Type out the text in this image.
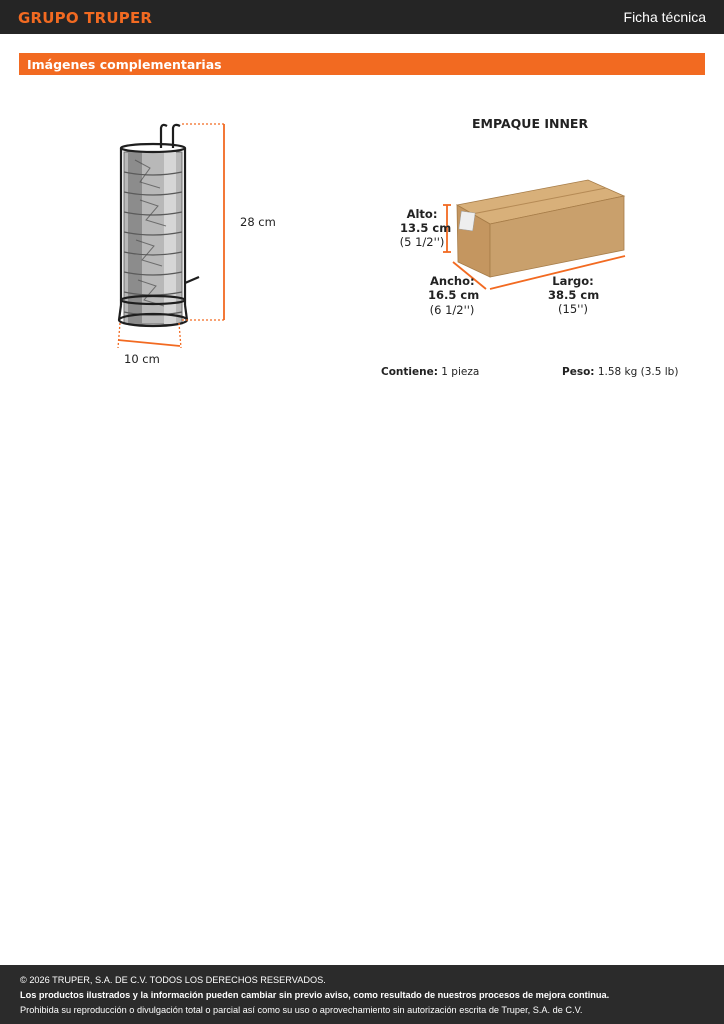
GRUPO TRUPER	Ficha técnica
Imágenes complementarias
28 cm
10 cm
EMPAQUE INNER
Alto:
13.5 cm
(5 1/2'')
Ancho:
16.5 cm
(6 1/2'')
Largo:
38.5 cm
(15'')
Contiene: 1 pieza	Peso: 1.58 kg (3.5 lb)
© 2026 TRUPER, S.A. DE C.V. TODOS LOS DERECHOS RESERVADOS.
Los productos ilustrados y la información pueden cambiar sin previo aviso, como resultado de nuestros procesos de mejora continua.
Prohibida su reproducción o divulgación total o parcial así como su uso o aprovechamiento sin autorización escrita de Truper, S.A. de C.V.
